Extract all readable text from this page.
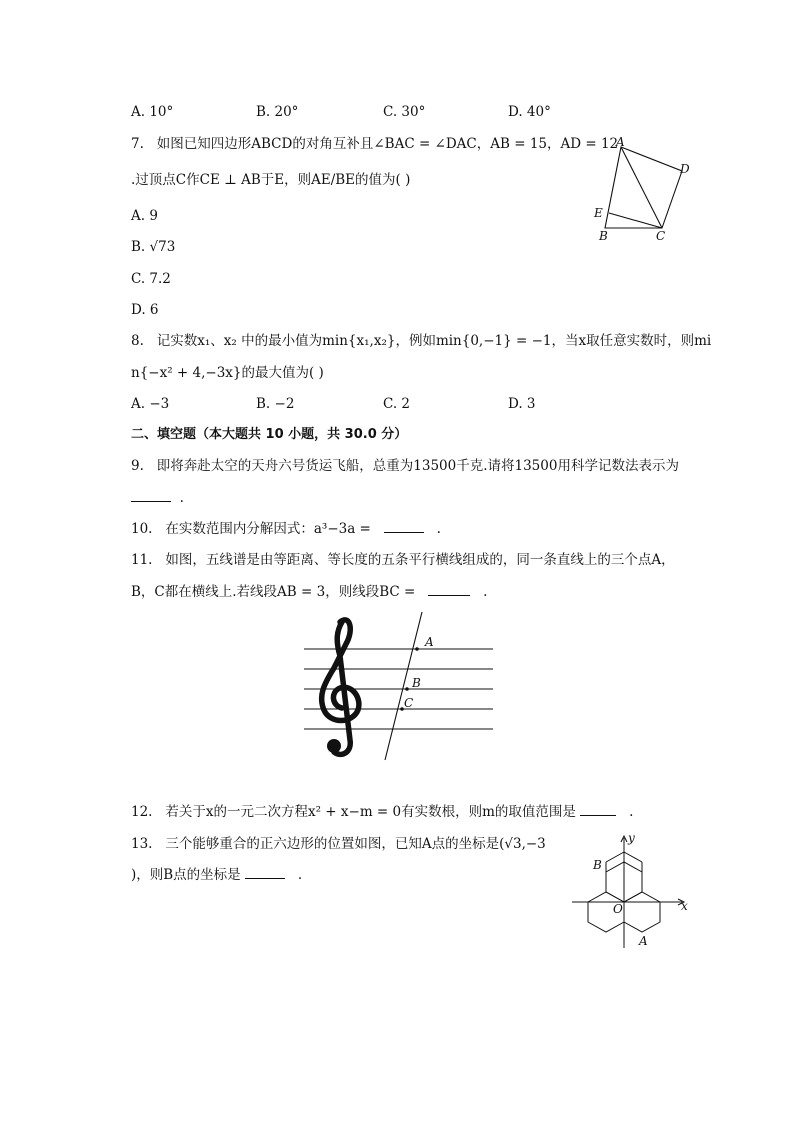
A. 10°	B. 20°	C. 30°	D. 40°
7. 如图已知四边形ABCD的对角互补且∠BAC = ∠DAC，AB = 15，AD = 12
.过顶点C作CE ⊥ AB于E，则AE/BE的值为( )
A. 9
B. √73
C. 7.2
D. 6
A
D
E
B	C
8. 记实数x₁、x₂ 中的最小值为min{x₁,x₂}，例如min{0,−1} = −1，当x取任意实数时，则mi
n{−x² + 4,−3x}的最大值为( )
A. −3	B. −2	C. 2	D. 3
二、填空题（本大题共 10 小题，共 30.0 分）
9. 即将奔赴太空的天舟六号货运飞船，总重为13500千克.请将13500用科学记数法表示为
.
10. 在实数范围内分解因式：a³−3a =	.
11. 如图，五线谱是由等距离、等长度的五条平行横线组成的，同一条直线上的三个点A，
B，C都在横线上.若线段AB = 3，则线段BC =	.
A
B
C
12. 若关于x的一元二次方程x² + x−m = 0有实数根，则m的取值范围是	.
13. 三个能够重合的正六边形的位置如图，已知A点的坐标是(√3,−3
)，则B点的坐标是	.
y
B
O	x
A
